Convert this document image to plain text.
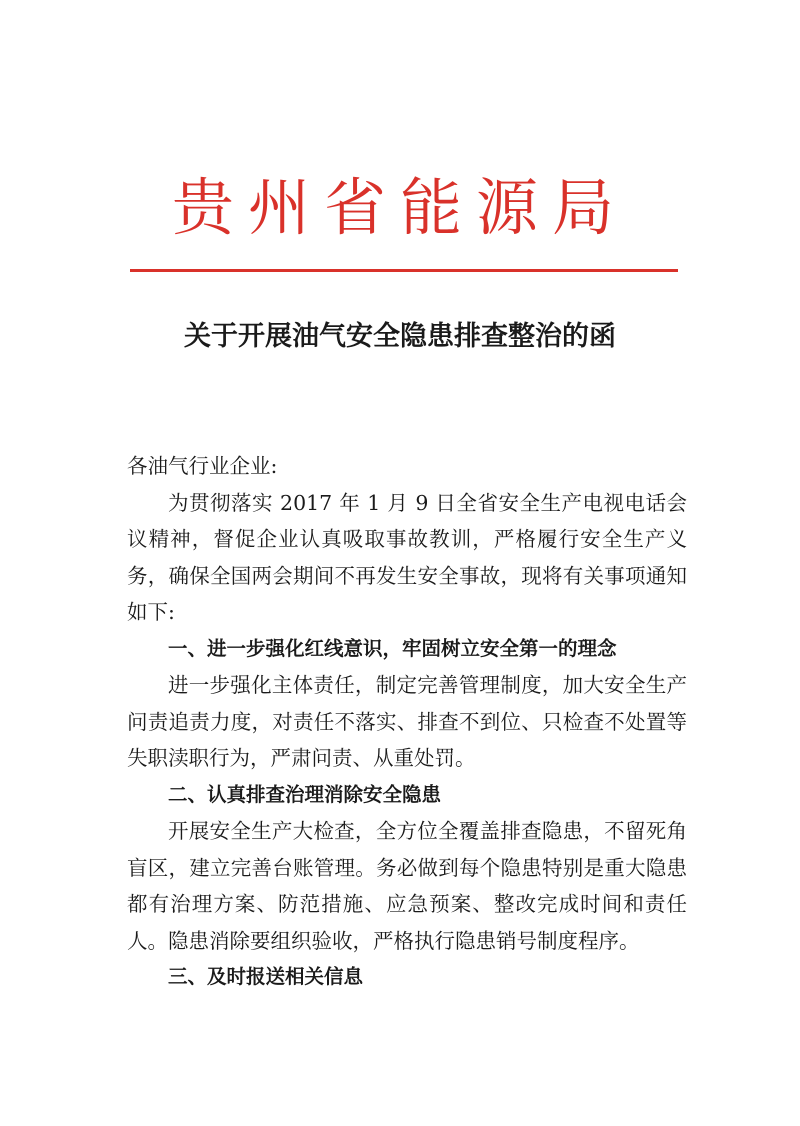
贵州省能源局
关于开展油气安全隐患排查整治的函

各油气行业企业:

为贯彻落实 2017 年 1 月 9 日全省安全生产电视电话会议精神，督促企业认真吸取事故教训，严格履行安全生产义务，确保全国两会期间不再发生安全事故，现将有关事项通知如下:

一、进一步强化红线意识，牢固树立安全第一的理念

进一步强化主体责任，制定完善管理制度，加大安全生产问责追责力度，对责任不落实、排查不到位、只检查不处置等失职渎职行为，严肃问责、从重处罚。

二、认真排查治理消除安全隐患

开展安全生产大检查，全方位全覆盖排查隐患，不留死角盲区，建立完善台账管理。务必做到每个隐患特别是重大隐患都有治理方案、防范措施、应急预案、整改完成时间和责任人。隐患消除要组织验收，严格执行隐患销号制度程序。

三、及时报送相关信息
